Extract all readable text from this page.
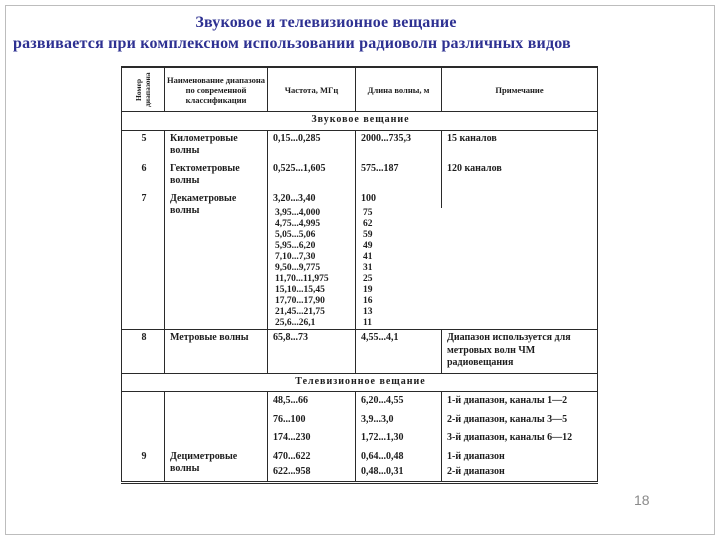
Звуковое и телевизионное вещание
развивается при комплексном использовании радиоволн различных видов
Номер диапазона	Наименование диапазона по современной классификации	Частота, МГц	Длина волны, м	Примечание
Звуковое вещание				
5	Километровые волны	0,15...0,285	2000...735,3	15 каналов
6	Гектометровые волны	0,525...1,605	575...187	120 каналов
7	Декаметровые волны	3,20...3,40	100	
		3,95...4,000	75	
		4,75...4,995	62	
		5,05...5,06	59	
		5,95...6,20	49	
		7,10...7,30	41	
		9,50...9,775	31	
		11,70...11,975	25	
		15,10...15,45	19	
		17,70...17,90	16	
		21,45...21,75	13	
		25,6...26,1	11	
8	Метровые волны	65,8...73	4,55...4,1	Диапазон используется для метровых волн ЧМ радиовещания
Телевизионное вещание				
		48,5...66	6,20...4,55	1-й диапазон, каналы 1—2
		76...100	3,9...3,0	2-й диапазон, каналы 3—5
		174...230	1,72...1,30	3-й диапазон, каналы 6—12
9	Дециметровые волны	470...622	0,64...0,48	1-й диапазон
		622...958	0,48...0,31	2-й диапазон
18
